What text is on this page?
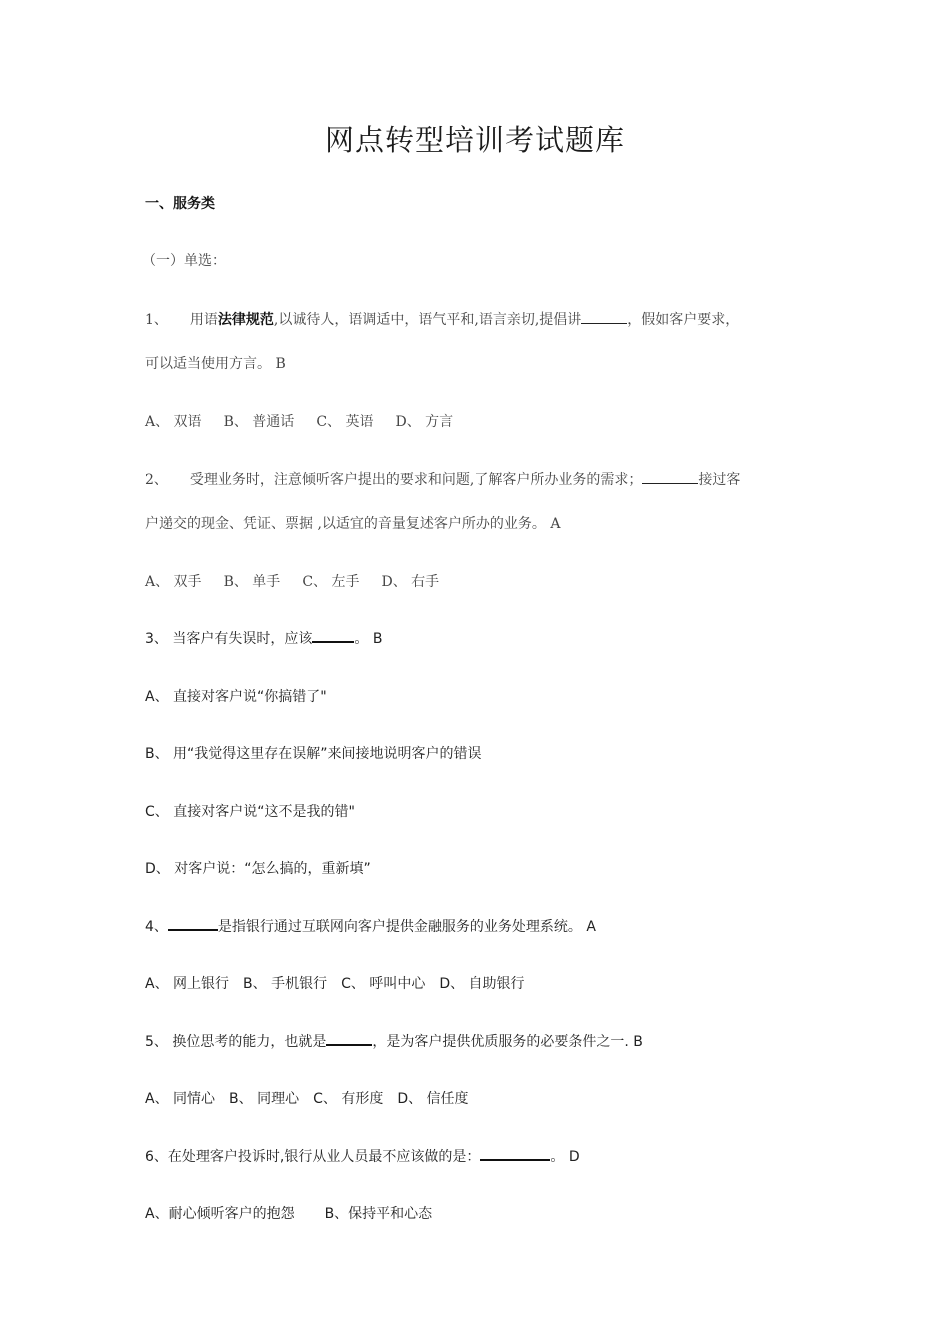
网点转型培训考试题库
一、服务类
（一）单选：
1、 用语法律规范,以诚待人，语调适中，语气平和,语言亲切,提倡讲	，假如客户要求，
可以适当使用方言。 B
A、 双语 B、 普通话 C、 英语 D、 方言
2、 受理业务时，注意倾听客户提出的要求和问题,了解客户所办业务的需求；	接过客
户递交的现金、凭证、票据 ,以适宜的音量复述客户所办的业务。 A
A、 双手 B、 单手 C、 左手 D、 右手
3、 当客户有失误时，应该	。 B
A、 直接对客户说“你搞错了"
B、 用“我觉得这里存在误解”来间接地说明客户的错误
C、 直接对客户说“这不是我的错"
D、 对客户说：“怎么搞的，重新填”
4、	是指银行通过互联网向客户提供金融服务的业务处理系统。 A
A、 网上银行 B、 手机银行 C、 呼叫中心 D、 自助银行
5、 换位思考的能力，也就是	，是为客户提供优质服务的必要条件之一. B
A、 同情心 B、 同理心 C、 有形度 D、 信任度
6、在处理客户投诉时,银行从业人员最不应该做的是：	。 D
A、耐心倾听客户的抱怨 B、保持平和心态
